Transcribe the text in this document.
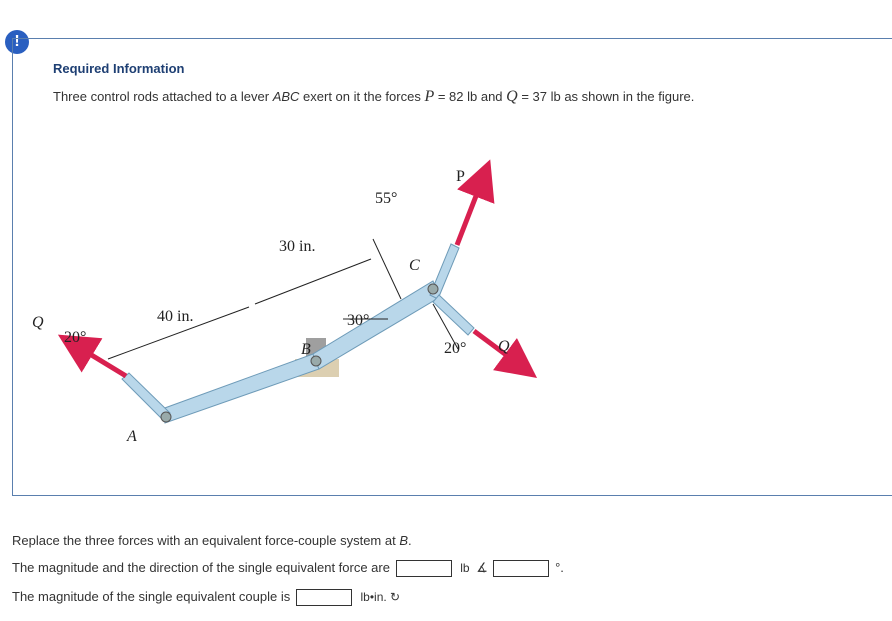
!
Required Information
Three control rods attached to a lever ABC exert on it the forces P = 82 lb and Q = 37 lb as shown in the figure.
P
Q
Q
A
B
C
30 in.
40 in.
55°
30°
20°
20°
Replace the three forces with an equivalent force-couple system at B.
The magnitude and the direction of the single equivalent force are	lb ∡	°.
The magnitude of the single equivalent couple is	lb•in. ↻
